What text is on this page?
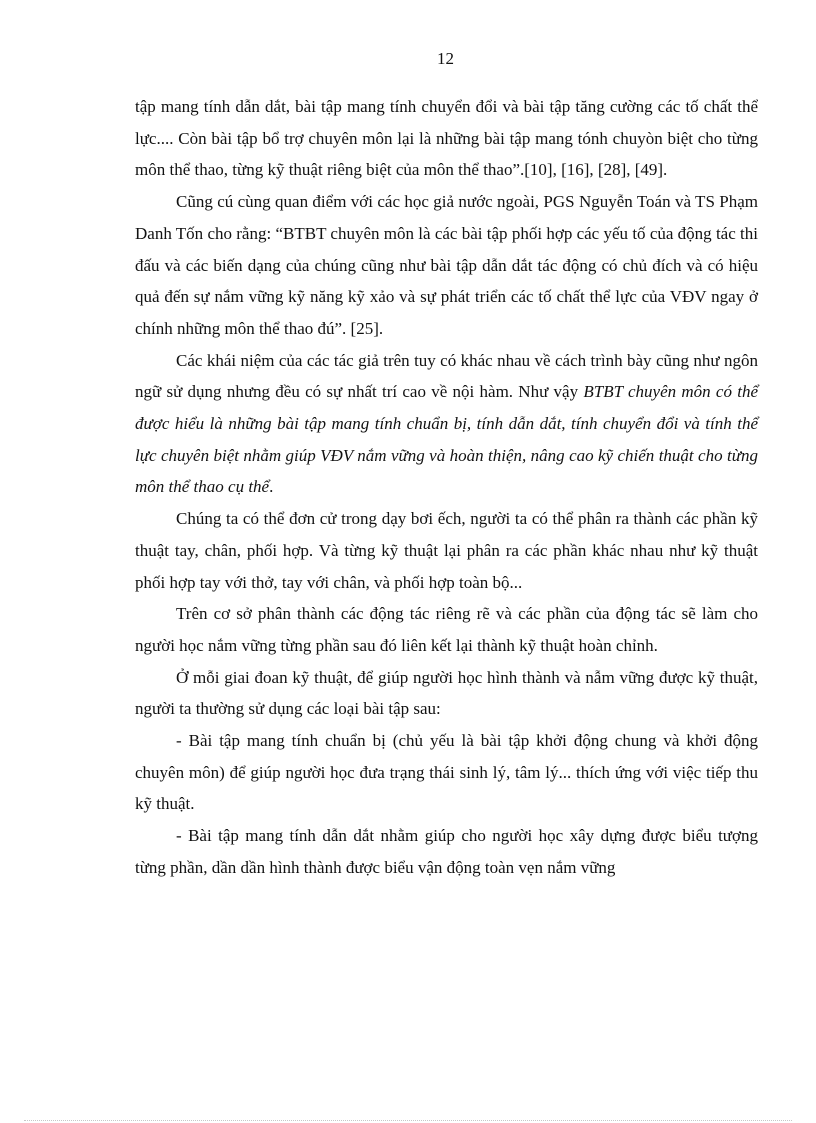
12

tập mang tính dẫn dắt, bài tập mang tính chuyển đổi và bài tập tăng cường các tố chất thể lực.... Còn bài tập bổ trợ chuyên môn lại là những bài tập mang tónh chuyòn biệt cho từng môn thể thao, từng kỹ thuật riêng biệt của môn thể thao”.[10], [16], [28], [49].

Cũng cú cùng quan điểm với các học giả nước ngoài, PGS Nguyễn Toán và TS Phạm Danh Tốn cho rằng: “BTBT chuyên môn là các bài tập phối hợp các yếu tố của động tác thi đấu và các biến dạng của chúng cũng như bài tập dẫn dắt tác động có chủ đích và có hiệu quả đến sự nắm vững kỹ năng kỹ xảo và sự phát triển các tố chất thể lực của VĐV ngay ở chính những môn thể thao đú”. [25].

Các khái niệm của các tác giả trên tuy có khác nhau về cách trình bày cũng như ngôn ngữ sử dụng nhưng đều có sự nhất trí cao về nội hàm. Như vậy BTBT chuyên môn có thể được hiểu là những bài tập mang tính chuẩn bị, tính dẫn dắt, tính chuyển đổi và tính thể lực chuyên biệt nhằm giúp VĐV nắm vững và hoàn thiện, nâng cao kỹ chiến thuật cho từng môn thể thao cụ thể.

Chúng ta có thể đơn cử trong dạy bơi ếch, người ta có thể phân ra thành các phần kỹ thuật tay, chân, phối hợp. Và từng kỹ thuật lại phân ra các phần khác nhau như kỹ thuật phối hợp tay với thở, tay với chân, và phối hợp toàn bộ...

Trên cơ sở phân thành các động tác riêng rẽ và các phần của động tác sẽ làm cho người học nắm vững từng phần sau đó liên kết lại thành kỹ thuật hoàn chỉnh.

Ở mỗi giai đoan kỹ thuật, để giúp người học hình thành và nẫm vững được kỹ thuật, người ta thường sử dụng các loại bài tập sau:

- Bài tập mang tính chuẩn bị (chủ yếu là bài tập khởi động chung và khởi động chuyên môn) để giúp người học đưa trạng thái sinh lý, tâm lý... thích ứng với việc tiếp thu kỹ thuật.

- Bài tập mang tính dẫn dắt nhằm giúp cho người học xây dựng được biểu tượng từng phần, dần dần hình thành được biểu vận động toàn vẹn nắm vững
